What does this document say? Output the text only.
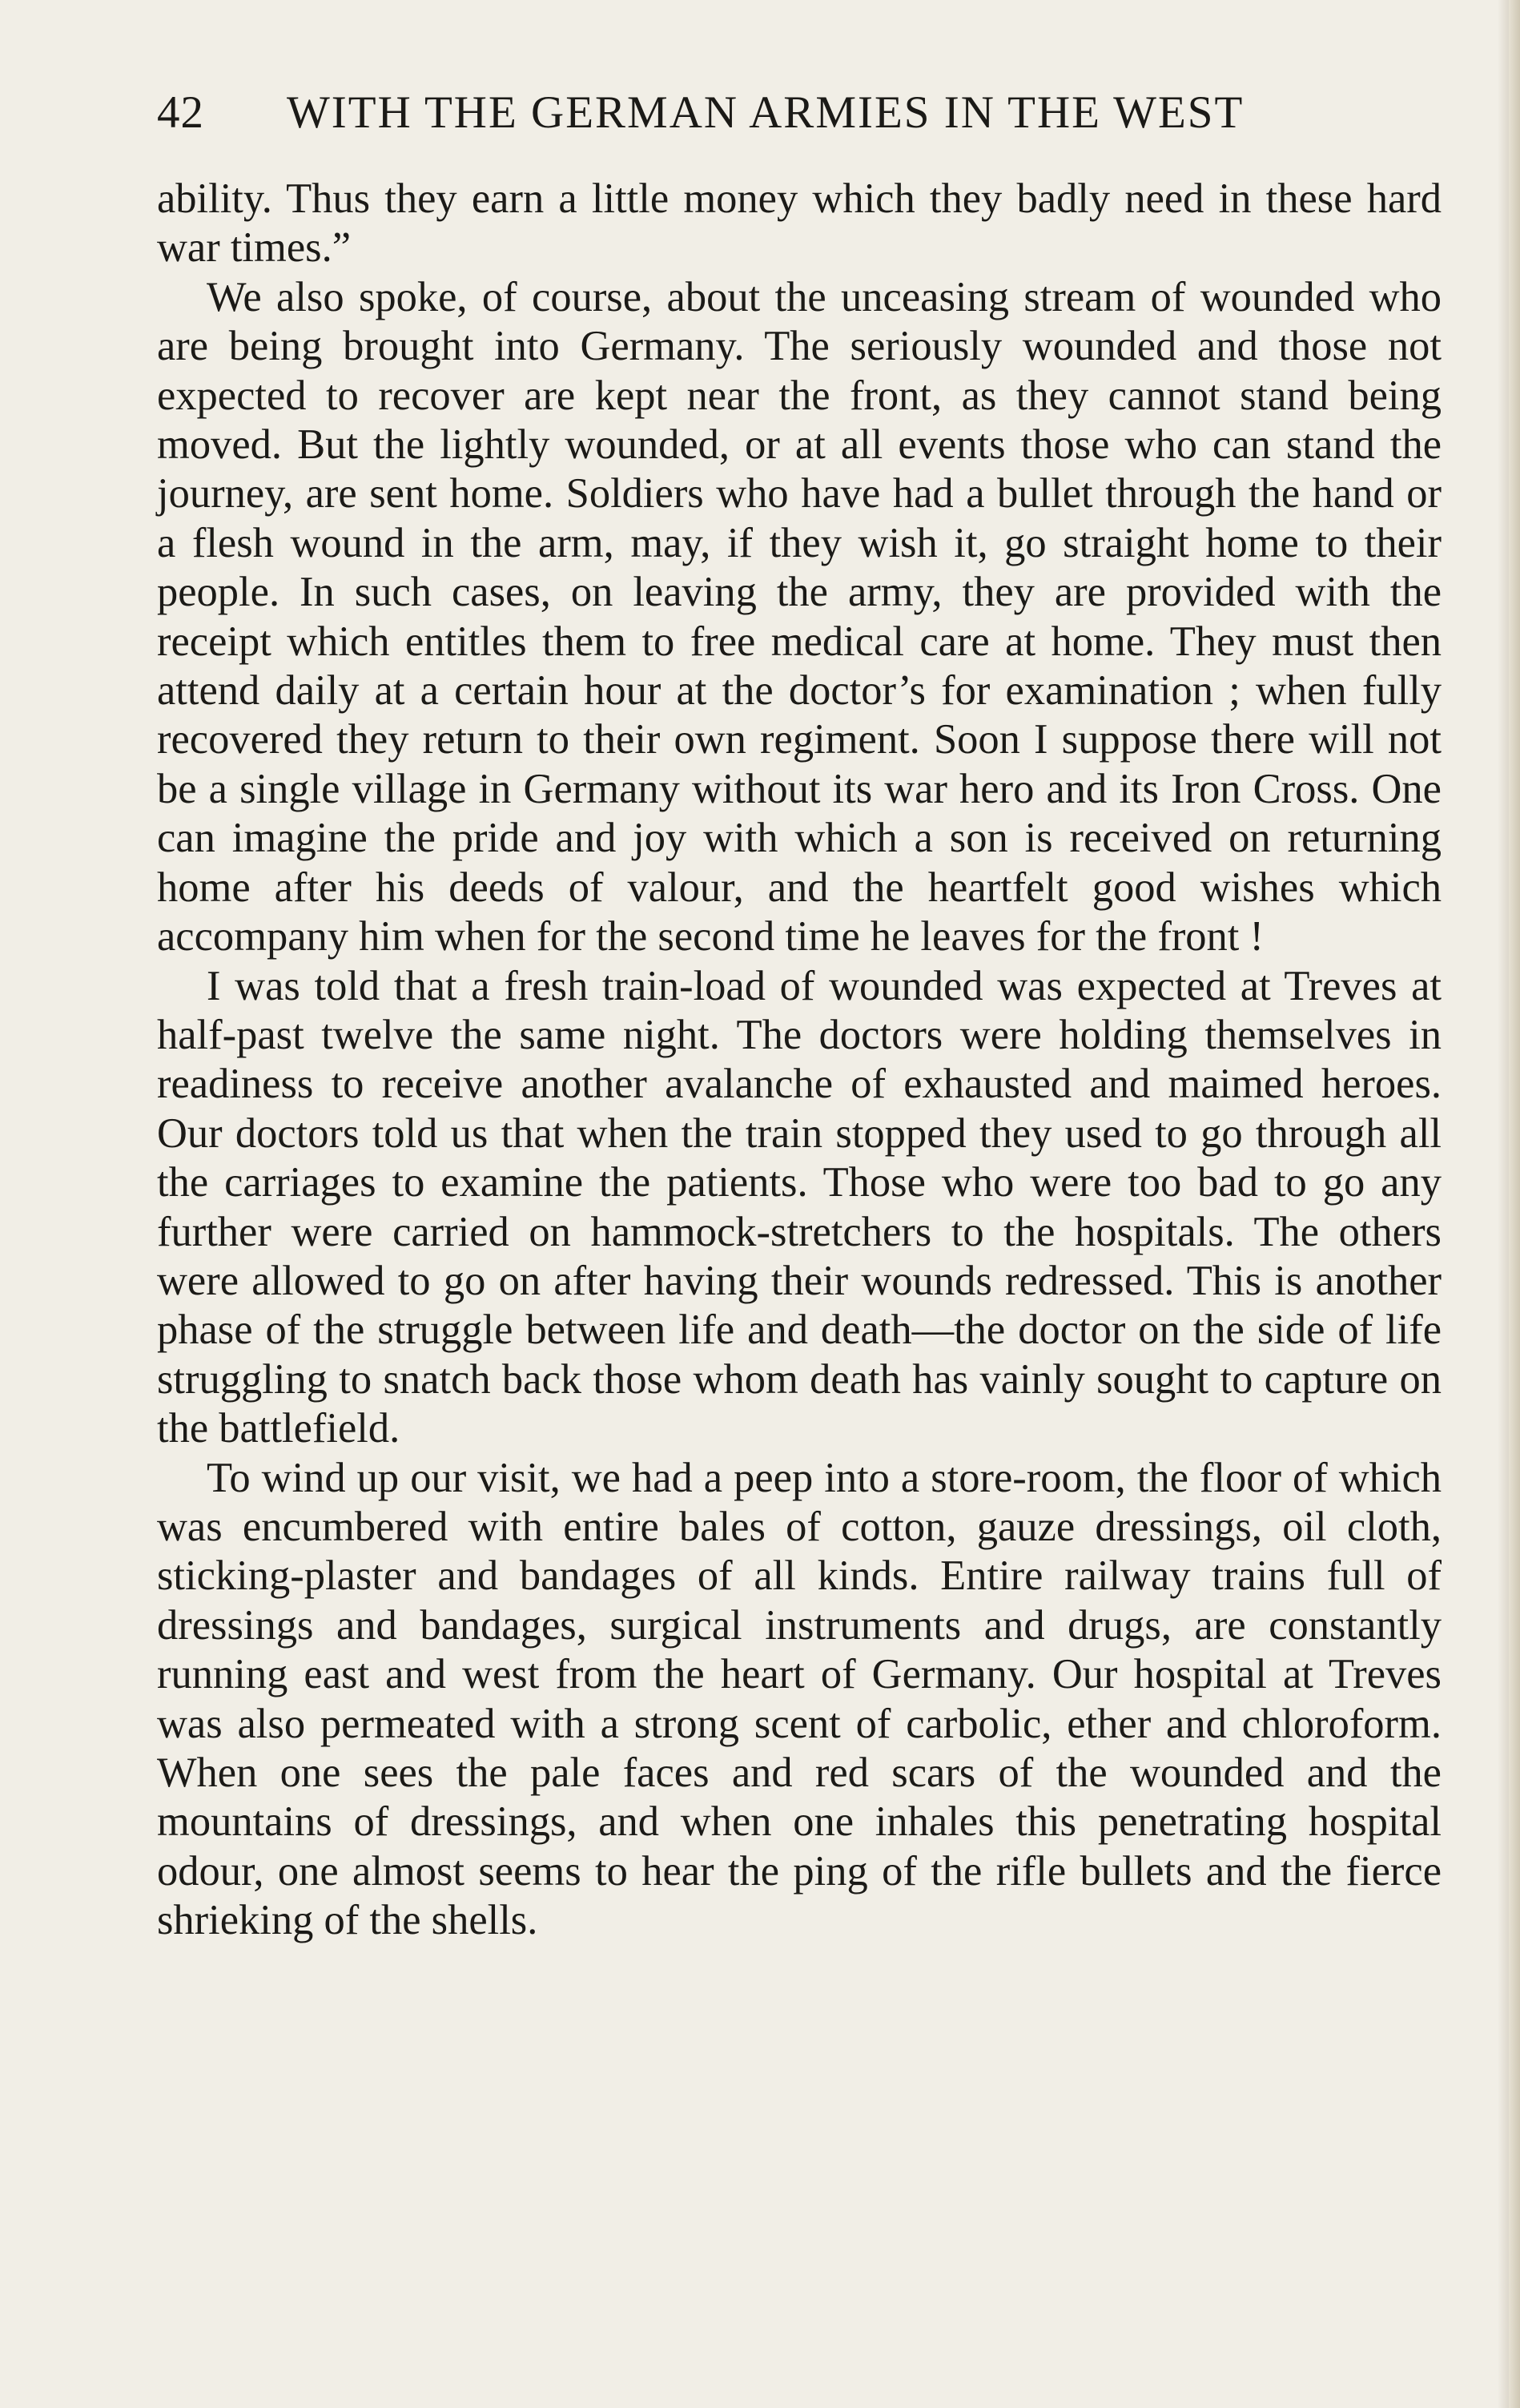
42 WITH THE GERMAN ARMIES IN THE WEST

ability. Thus they earn a little money which they badly need in these hard war times.”

We also spoke, of course, about the unceasing stream of wounded who are being brought into Germany. The seriously wounded and those not expected to recover are kept near the front, as they cannot stand being moved. But the lightly wounded, or at all events those who can stand the journey, are sent home. Soldiers who have had a bullet through the hand or a flesh wound in the arm, may, if they wish it, go straight home to their people. In such cases, on leaving the army, they are provided with the receipt which entitles them to free medical care at home. They must then attend daily at a certain hour at the doctor’s for examination ; when fully recovered they return to their own regiment. Soon I suppose there will not be a single village in Germany without its war hero and its Iron Cross. One can imagine the pride and joy with which a son is received on returning home after his deeds of valour, and the heartfelt good wishes which accompany him when for the second time he leaves for the front !

I was told that a fresh train-load of wounded was expected at Treves at half-past twelve the same night. The doctors were holding themselves in readiness to receive another avalanche of exhausted and maimed heroes. Our doctors told us that when the train stopped they used to go through all the carriages to examine the patients. Those who were too bad to go any further were carried on hammock-stretchers to the hospitals. The others were allowed to go on after having their wounds redressed. This is another phase of the struggle between life and death—the doctor on the side of life struggling to snatch back those whom death has vainly sought to capture on the battlefield.

To wind up our visit, we had a peep into a store-room, the floor of which was encumbered with entire bales of cotton, gauze dressings, oil cloth, sticking-plaster and bandages of all kinds. Entire railway trains full of dressings and bandages, surgical instruments and drugs, are constantly running east and west from the heart of Germany. Our hospital at Treves was also permeated with a strong scent of carbolic, ether and chloroform. When one sees the pale faces and red scars of the wounded and the mountains of dressings, and when one inhales this penetrating hospital odour, one almost seems to hear the ping of the rifle bullets and the fierce shrieking of the shells.
